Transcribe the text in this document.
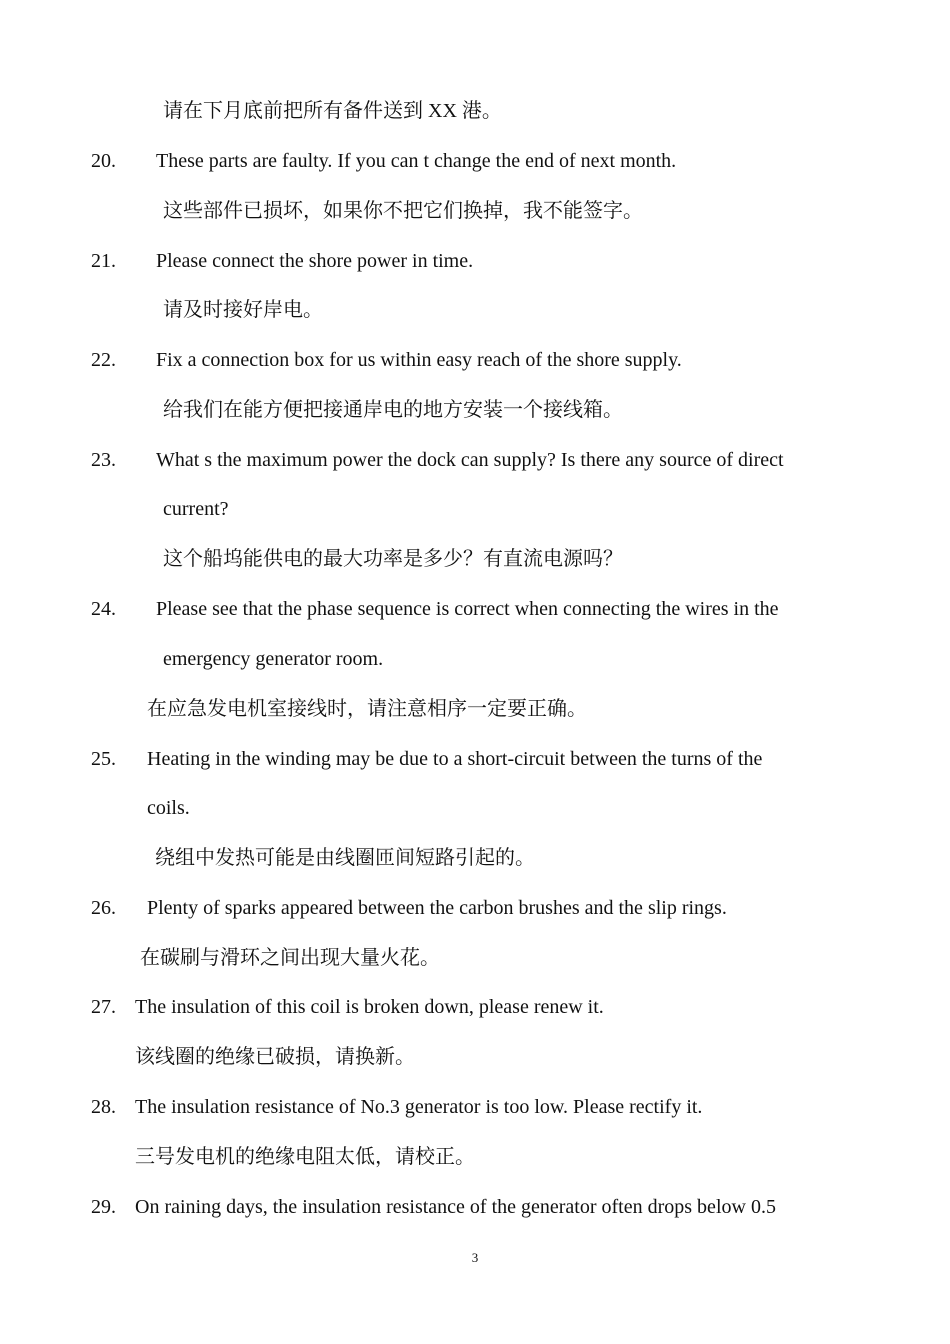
请在下月底前把所有备件送到 XX 港。
20. These parts are faulty. If you can t change the end of next month.
这些部件已损坏，如果你不把它们换掉，我不能签字。
21. Please connect the shore power in time.
请及时接好岸电。
22. Fix a connection box for us within easy reach of the shore supply.
给我们在能方便把接通岸电的地方安装一个接线箱。
23. What s the maximum power the dock can supply? Is there any source of direct
current?
这个船坞能供电的最大功率是多少？有直流电源吗？
24. Please see that the phase sequence is correct when connecting the wires in the
emergency generator room.
在应急发电机室接线时，请注意相序一定要正确。
25. Heating in the winding may be due to a short-circuit between the turns of the
coils.
绕组中发热可能是由线圈匝间短路引起的。
26. Plenty of sparks appeared between the carbon brushes and the slip rings.
在碳刷与滑环之间出现大量火花。
27. The insulation of this coil is broken down, please renew it.
该线圈的绝缘已破损，请换新。
28. The insulation resistance of No.3 generator is too low. Please rectify it.
三号发电机的绝缘电阻太低，请校正。
29. On raining days, the insulation resistance of the generator often drops below 0.5
3
